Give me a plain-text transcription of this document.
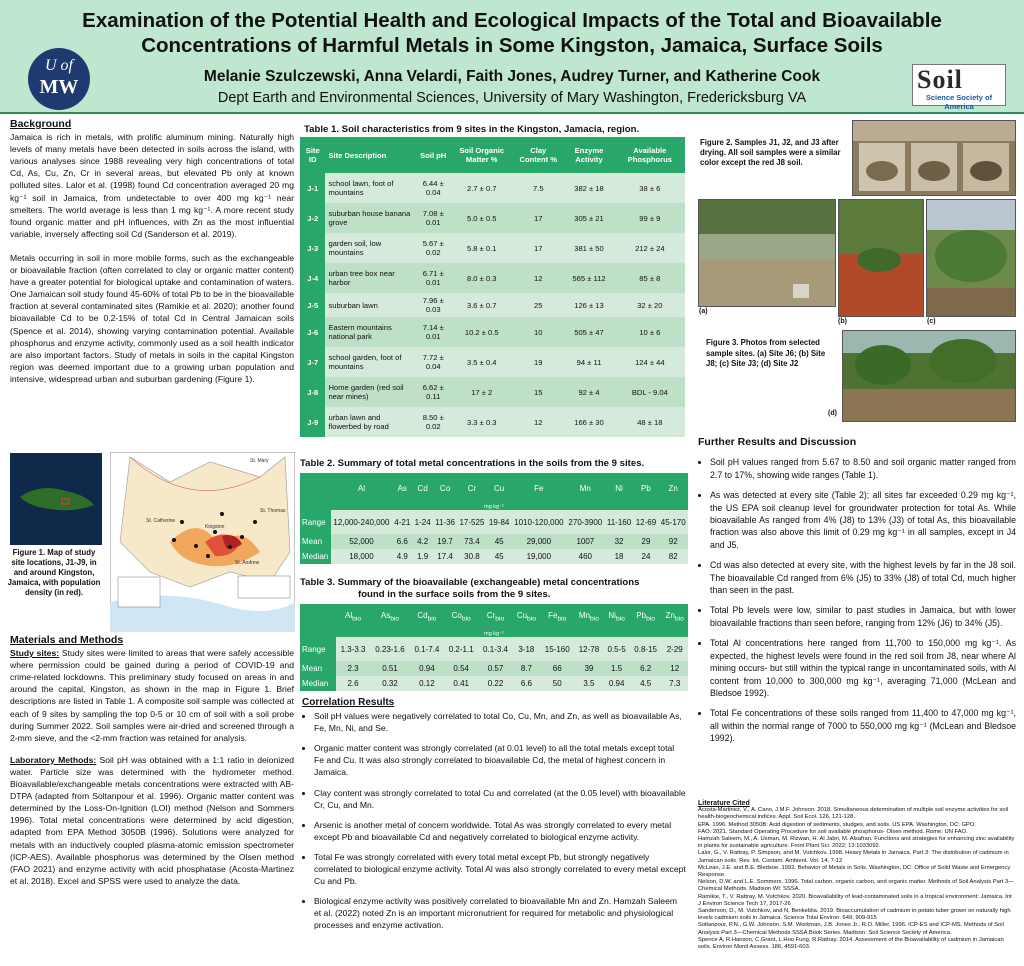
Examination of the Potential Health and Ecological Impacts of the Total and Bioavailable
Concentrations of Harmful Metals in Some Kingston, Jamaica, Surface Soils
Melanie Szulczewski, Anna Velardi, Faith Jones, Audrey Turner, and Katherine Cook
Dept Earth and Environmental Sciences, University of Mary Washington, Fredericksburg VA
U of
MW	Soil
Science Society of America
Background

Jamaica is rich in metals, with prolific aluminum mining. Naturally high levels of many metals have been detected in soils across the island, with various analyses since 1988 revealing very high concentrations of total Cd, As, Cu, Zn, Cr in several areas, but elevated Pb only at known polluted sites. Lalor et al. (1998) found Cd concentration averaged 20 mg kg⁻¹ soil in Jamaica, from undetectable to over 400 mg kg⁻¹ near smelters. The world average is less than 1 mg kg⁻¹. A more recent study found organic matter and pH influences, with Zn as the most influential variable, inversely affecting soil Cd (Sanderson et al. 2019).

Metals occurring in soil in more mobile forms, such as the exchangeable or bioavailable fraction (often correlated to clay or organic matter content) have a greater potential for biological uptake and contamination of waters. One Jamaican soil study found 45-60% of total Pb to be in the bioavailable fraction at several contaminated sites (Ramikie et al. 2020); another found bioavailable Cd to be 0.2-15% of total Cd in Central Jamaican soils (Spence et al. 2014), showing varying contamination potential. Available phosphorus and enzyme activity, commonly used as a soil health indicator are also important factors. Study of metals in soils in the capital Kingston region was deemed important due to a growing urban population and intensive, widespread urban and suburban gardening (Figure 1).

Figure 1. Map of study site locations, J1-J9, in and around Kingston, Jamaica, with population density (in red).
St. Mary
St. Catherine
Kingston
St. Andrew
St. Thomas
Materials and Methods

Study sites: Study sites were limited to areas that were safely accessible where permission could be gained during a period of COVID-19 and crime-related lockdowns. This preliminary study focused on areas in and around the capital, Kingston, as shown in the map in Figure 1. Brief descriptions are listed in Table 1. A composite soil sample was collected at each of 9 sites by sampling the top 0-5 or 10 cm of soil with a soil probe during Summer 2022. Soil samples were air-dried and screened through a 2-mm sieve, and the <2-mm fraction was retained for analysis.

Laboratory Methods: Soil pH was obtained with a 1:1 ratio in deionized water. Particle size was determined with the hydrometer method. Bioavailable/exchangeable metals concentrations were extracted with AB-DTPA (adapted from Soltanpour et al. 1996). Organic matter content was determined by the Loss-On-Ignition (LOI) method (Nelson and Sommers 1996). Total metal concentrations were determined by acid digestion, adapted from EPA Method 3050B (1996). Solutions were analyzed for metals with an inductively coupled plasma-atomic emission spectrometer (ICP-AES). Available phosphorus was determined by the Olsen method (FAO 2021) and enzyme activity with acid phosphatase (Acosta-Martinez et al. 2018). Excel and SPSS were used to analyze the data.

Table 1. Soil characteristics from 9 sites in the Kingston, Jamacia, region.
Site ID	Site Description	Soil pH	Soil Organic Matter %	Clay Content %	Enzyme Activity	Available Phosphorus
J-1	school lawn, foot of mountains	6.44 ± 0.04	2.7 ± 0.7	7.5	382 ± 18	38 ± 6
J-2	suburban house banana grove	7.08 ± 0.01	5.0 ± 0.5	17	305 ± 21	99 ± 9
J-3	garden soil, low mountains	5.67 ± 0.02	5.8 ± 0.1	17	381 ± 50	212 ± 24
J-4	urban tree box near harbor	6.71 ± 0.01	8.0 ± 0.3	12	565 ± 112	85 ± 8
J-5	suburban lawn	7.96 ± 0.03	3.6 ± 0.7	25	126 ± 13	32 ± 20
J-6	Eastern mountains national park	7.14 ± 0.01	10.2 ± 0.5	10	505 ± 47	10 ± 6
J-7	school garden, foot of mountains	7.72 ± 0.04	3.5 ± 0.4	19	94 ± 11	124 ± 44
J-8	Home garden (red soil near mines)	6.62 ± 0.11	17 ± 2	15	92 ± 4	BDL - 9.04
J-9	urban lawn and flowerbed by road	8.50 ± 0.02	3.3 ± 0.3	12	166 ± 30	48 ± 18
Table 2. Summary of total metal concentrations in the soils from the 9 sites.
	Al	As	Cd	Co	Cr	Cu	Fe	Mn	Ni	Pb	Zn
mg kg⁻¹											
Range	12,000-240,000	4-21	1-24	11-36	17-525	19-84	1010-120,000	270-3900	11-160	12-69	45-170
Mean	52,000	6.6	4.2	19.7	73.4	45	29,000	1007	32	29	92
Median	18,000	4.9	1.9	17.4	30.8	45	19,000	460	18	24	82
Table 3. Summary of the bioavailable (exchangeable) metal concentrations
found in the surface soils from the 9 sites.
	$Al_{bio}$	$As_{bio}$	$Cd_{bio}$	$Co_{bio}$	$Cr_{bio}$	$Cu_{bio}$	$Fe_{bio}$	$Mn_{bio}$	$Ni_{bio}$	$Pb_{bio}$	$Zn_{bio}$
mg kg⁻¹											
Range	1.3-3.3	0.23-1.6	0.1-7.4	0.2-1.1	0.1-3.4	3-18	15-160	12-78	0.5-5	0.8-15	2-29
Mean	2.3	0.51	0.94	0.54	0.57	8.7	66	39	1.5	6.2	12
Median	2.6	0.32	0.12	0.41	0.22	6.6	50	3.5	0.94	4.5	7.3
Correlation Results
• Soil pH values were negatively correlated to total Co, Cu, Mn, and Zn, as well as bioavailable As, Fe, Mn, Ni, and Se.
• Organic matter content was strongly correlated (at 0.01 level) to all the total metals except total Fe and Cu. It was also strongly correlated to bioavailable Cd, the metal of highest concern in Jamaica.
• Clay content was strongly correlated to total Cu and correlated (at the 0.05 level) with bioavailable Cr, Cu, and Mn.
• Arsenic is another metal of concern worldwide. Total As was strongly correlated to every metal except Pb and bioavailable Cd and negatively correlated to biological enzyme activity.
• Total Fe was strongly correlated with every total metal except Pb, but strongly negatively correlated to biological enzyme activity. Total Al was also strongly correlated to every metal except Cu and Pb.
• Biological enzyme activity was positively correlated to bioavailable Mn and Zn. Hamzah Saleem et al. (2022) noted Zn is an important micronutrient for required for metabolic and physiological processes and enzyme activation.
Figure 2. Samples J1, J2, and J3 after drying. All soil samples were a similar color except the red J8 soil.
(a)
(b)	(c)
Figure 3. Photos from selected sample sites. (a) Site J6; (b) Site J8; (c) Site J3; (d) Site J2
(d)
Further Results and Discussion
• Soil pH values ranged from 5.67 to 8.50 and soil organic matter ranged from 2.7 to 17%, showing wide ranges (Table 1).
• As was detected at every site (Table 2); all sites far exceeded 0.29 mg kg⁻¹, the US EPA soil cleanup level for groundwater protection for total As. While bioavailable As ranged from 4% (J8) to 13% (J3) of total As, this bioavailable fraction was also above this limit of 0.29 mg kg⁻¹ in all samples, except in J4 and J5.
• Cd was also detected at every site, with the highest levels by far in the J8 soil. The bioavailable Cd ranged from 6% (J5) to 33% (J8) of total Cd, much higher than seen in the past.
• Total Pb levels were low, similar to past studies in Jamaica, but with lower bioavailable fractions than seen before, ranging from 12% (J6) to 34% (J5).
• Total Al concentrations here ranged from 11,700 to 150,000 mg kg⁻¹. As expected, the highest levels were found in the red soil from J8, near where Al mining occurs- but still within the typical range in uncontaminated soils, with Al content from 10,000 to 300,000 mg kg⁻¹, averaging 71,000 (McLean and Bledsoe 1992).
• Total Fe concentrations of these soils ranged from 11,400 to 47,000 mg kg⁻¹, all within the normal range of 7000 to 550,000 mg kg⁻¹ (McLean and Bledsoe 1992).
Literature Cited
Acosta-Martinez, V., A. Cano, J.M.F. Johnson. 2018. Simultaneous determination of multiple soil enzyme activities for soil health-biogeochemical indices. Appl. Soil Ecol. 126, 121-128.
EPA. 1996. Method 3050B: Acid digestion of sediments, sludges, and soils. US EPA. Washington, DC: GPO.
FAO. 2021. Standard Operating Procedure for soil available phosphorus- Olsen method. Rome: UN FAO.
Hamzah Saleem, M., A. Usman, M. Rizwan, H. Al Jabri, M. Alsafran. Functions and strategies for enhancing zinc availability in plants for sustainable agriculture. Front Plant Sci. 2022; 13:1033092.
Lalor, G., V. Rattray, P. Simpson, and M. Vutchkov. 1998. Heavy Metals in Jamaica. Part 3: The distribution of cadmium in Jamaican soils. Rev. Int. Contam. Ambient. Vol. 14, 7-12
McLean, J.E. and B.E. Bledsoe. 1992. Behavior of Metals in Soils. Washington, DC: Office of Solid Waste and Emergency Response.
Nelson, D.W. and L.E. Sommers. 1996. Total carbon, organic carbon, and organic matter. Methods of Soil Analysis Part 3—Chemical Methods. Madison WI: SSSA.
Ramikie, T., V. Rattray, M. Vutchkov. 2020. Bioavailability of lead-contaminated soils in a tropical environment: Jamaica. Int J Environ Science Tech 17, 2017-26
Sanderson, D., M. Vutchkov, and N. Benkeblia. 2019. Bioaccumulation of cadmium in potato tuber grown on naturally high levels cadmium soils in Jamaica. Science Total Environ. 649, 909-915
Soltanpour, P.N., G.W. Johnson, S.M. Workman, J.B. Jones Jr., R.O. Miller. 1996. ICP-ES and ICP-MS. Methods of Soil Analysis Part 3—Chemical Methods SSSA Book Series. Madison: Soil Science Society of America.
Spence A, R.Hanson, C.Grant, L.Hoo Fung, R.Rattray. 2014. Assessment of the Bioavailability of cadmium in Jamaican soils. Environ Monit Assess. 186, 4591-603.
